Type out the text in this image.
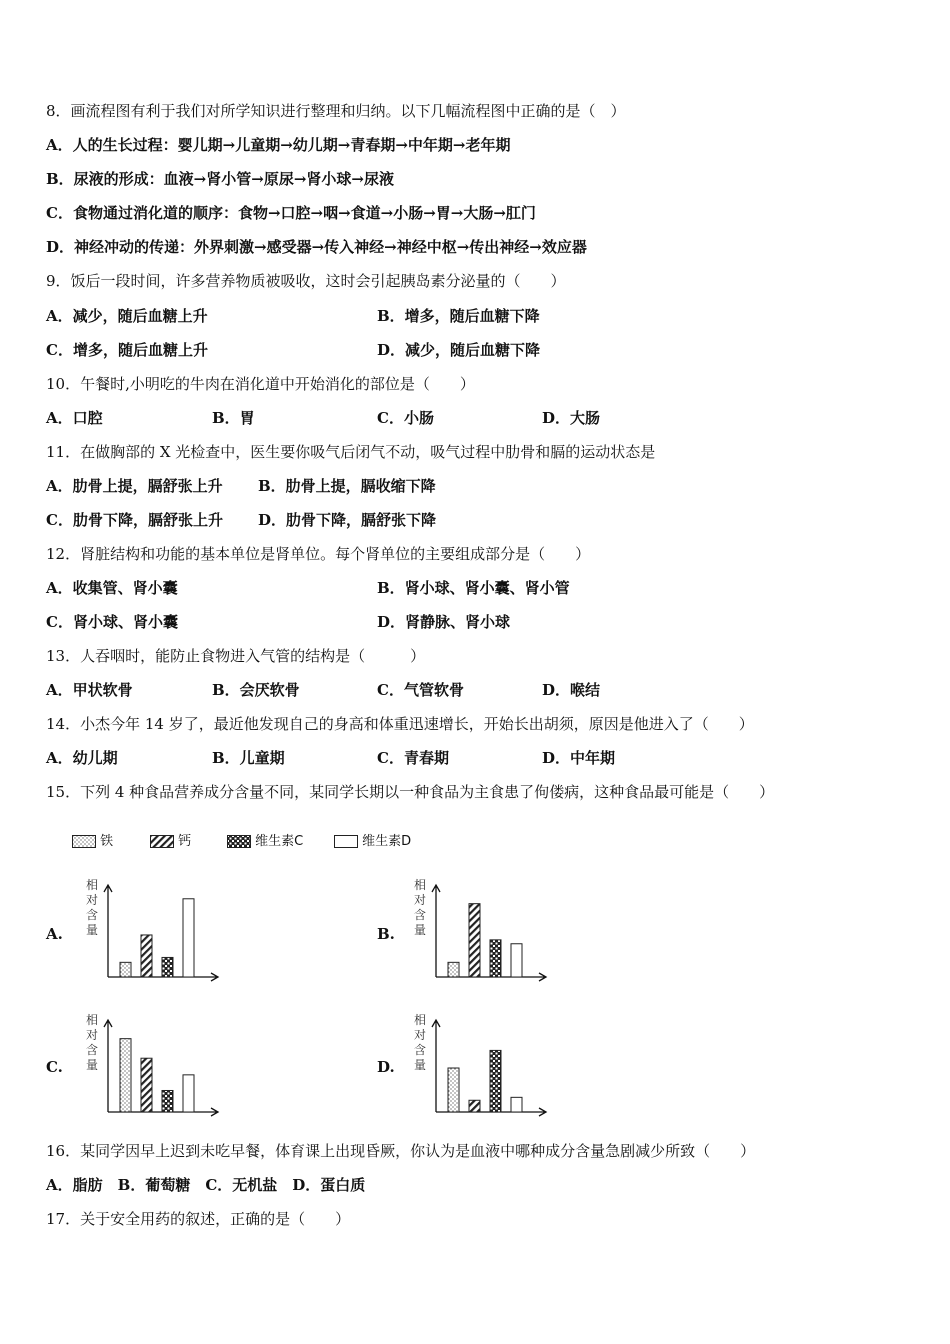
8．画流程图有利于我们对所学知识进行整理和归纳。以下几幅流程图中正确的是（　）
A．人的生长过程：婴儿期→儿童期→幼儿期→青春期→中年期→老年期
B．尿液的形成：血液→肾小管→原尿→肾小球→尿液
C．食物通过消化道的顺序：食物→口腔→咽→食道→小肠→胃→大肠→肛门
D．神经冲动的传递：外界刺激→感受器→传入神经→神经中枢→传出神经→效应器
9．饭后一段时间，许多营养物质被吸收，这时会引起胰岛素分泌量的（　　）
A．减少，随后血糖上升	B．增多，随后血糖下降
C．增多，随后血糖上升	D．减少，随后血糖下降
10．午餐时,小明吃的牛肉在消化道中开始消化的部位是（　　）
A．口腔	B．胃	C．小肠	D．大肠
11．在做胸部的 X 光检查中，医生要你吸气后闭气不动，吸气过程中肋骨和膈的运动状态是
A．肋骨上提，膈舒张上升 B．肋骨上提，膈收缩下降
C．肋骨下降，膈舒张上升 D．肋骨下降，膈舒张下降
12．肾脏结构和功能的基本单位是肾单位。每个肾单位的主要组成部分是（　　）
A．收集管、肾小囊	B．肾小球、肾小囊、肾小管
C．肾小球、肾小囊	D．肾静脉、肾小球
13．人吞咽时，能防止食物进入气管的结构是（　　　）
A．甲状软骨	B．会厌软骨	C．气管软骨	D．喉结
14．小杰今年 14 岁了，最近他发现自己的身高和体重迅速增长，开始长出胡须，原因是他进入了（　　）
A．幼儿期	B．儿童期	C．青春期	D．中年期
15．下列 4 种食品营养成分含量不同，某同学长期以一种食品为主食患了佝偻病，这种食品最可能是（　　）
铁	钙	维生素C	维生素D
A.	B.
C.	D.
相
对
含
量
相
对
含
量
相
对
含
量
相
对
含
量
16．某同学因早上迟到未吃早餐，体育课上出现昏厥，你认为是血液中哪种成分含量急剧减少所致（　　）
A．脂肪　B．葡萄糖　C．无机盐　D．蛋白质
17．关于安全用药的叙述，正确的是（　　）
